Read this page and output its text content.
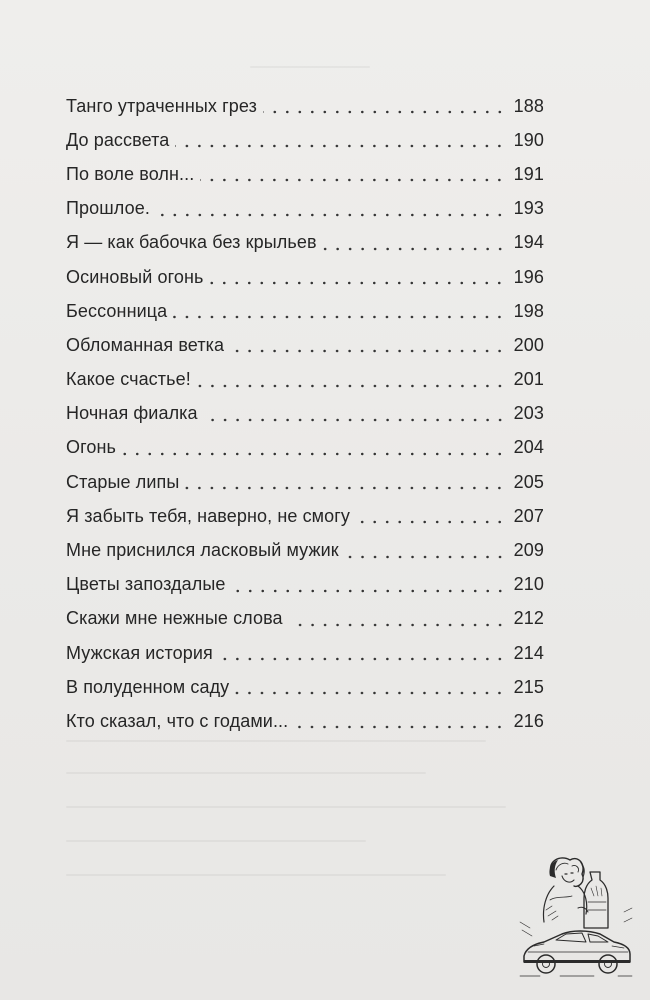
Танго утраченных грез	188
До рассвета	190
По воле волн...	191
Прошлое.	193
Я — как бабочка без крыльев	194
Осиновый огонь	196
Бессонница	198
Обломанная ветка	200
Какое счастье!	201
Ночная фиалка	203
Огонь	204
Старые липы	205
Я забыть тебя, наверно, не смогу	207
Мне приснился ласковый мужик	209
Цветы запоздалые	210
Скажи мне нежные слова	212
Мужская история	214
В полуденном саду	215
Кто сказал, что с годами...	216
